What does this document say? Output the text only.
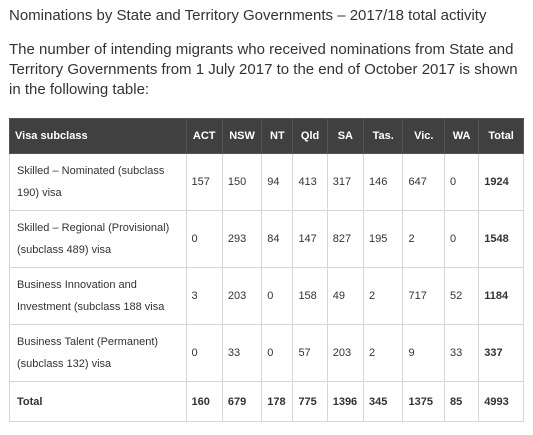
Nominations by State and Territory Governments – 2017/18 total activity
The number of intending migrants who received nominations from State and Territory Governments from 1 July 2017 to the end of October 2017 is shown in the following table:
Visa subclass	ACT	NSW	NT	Qld	SA	Tas.	Vic.	WA	Total
Skilled – Nominated (subclass 190) visa	157	150	94	413	317	146	647	0	1924
Skilled – Regional (Provisional) (subclass 489) visa	0	293	84	147	827	195	2	0	1548
Business Innovation and Investment (subclass 188 visa	3	203	0	158	49	2	717	52	1184
Business Talent (Permanent) (subclass 132) visa	0	33	0	57	203	2	9	33	337
Total	160	679	178	775	1396	345	1375	85	4993
